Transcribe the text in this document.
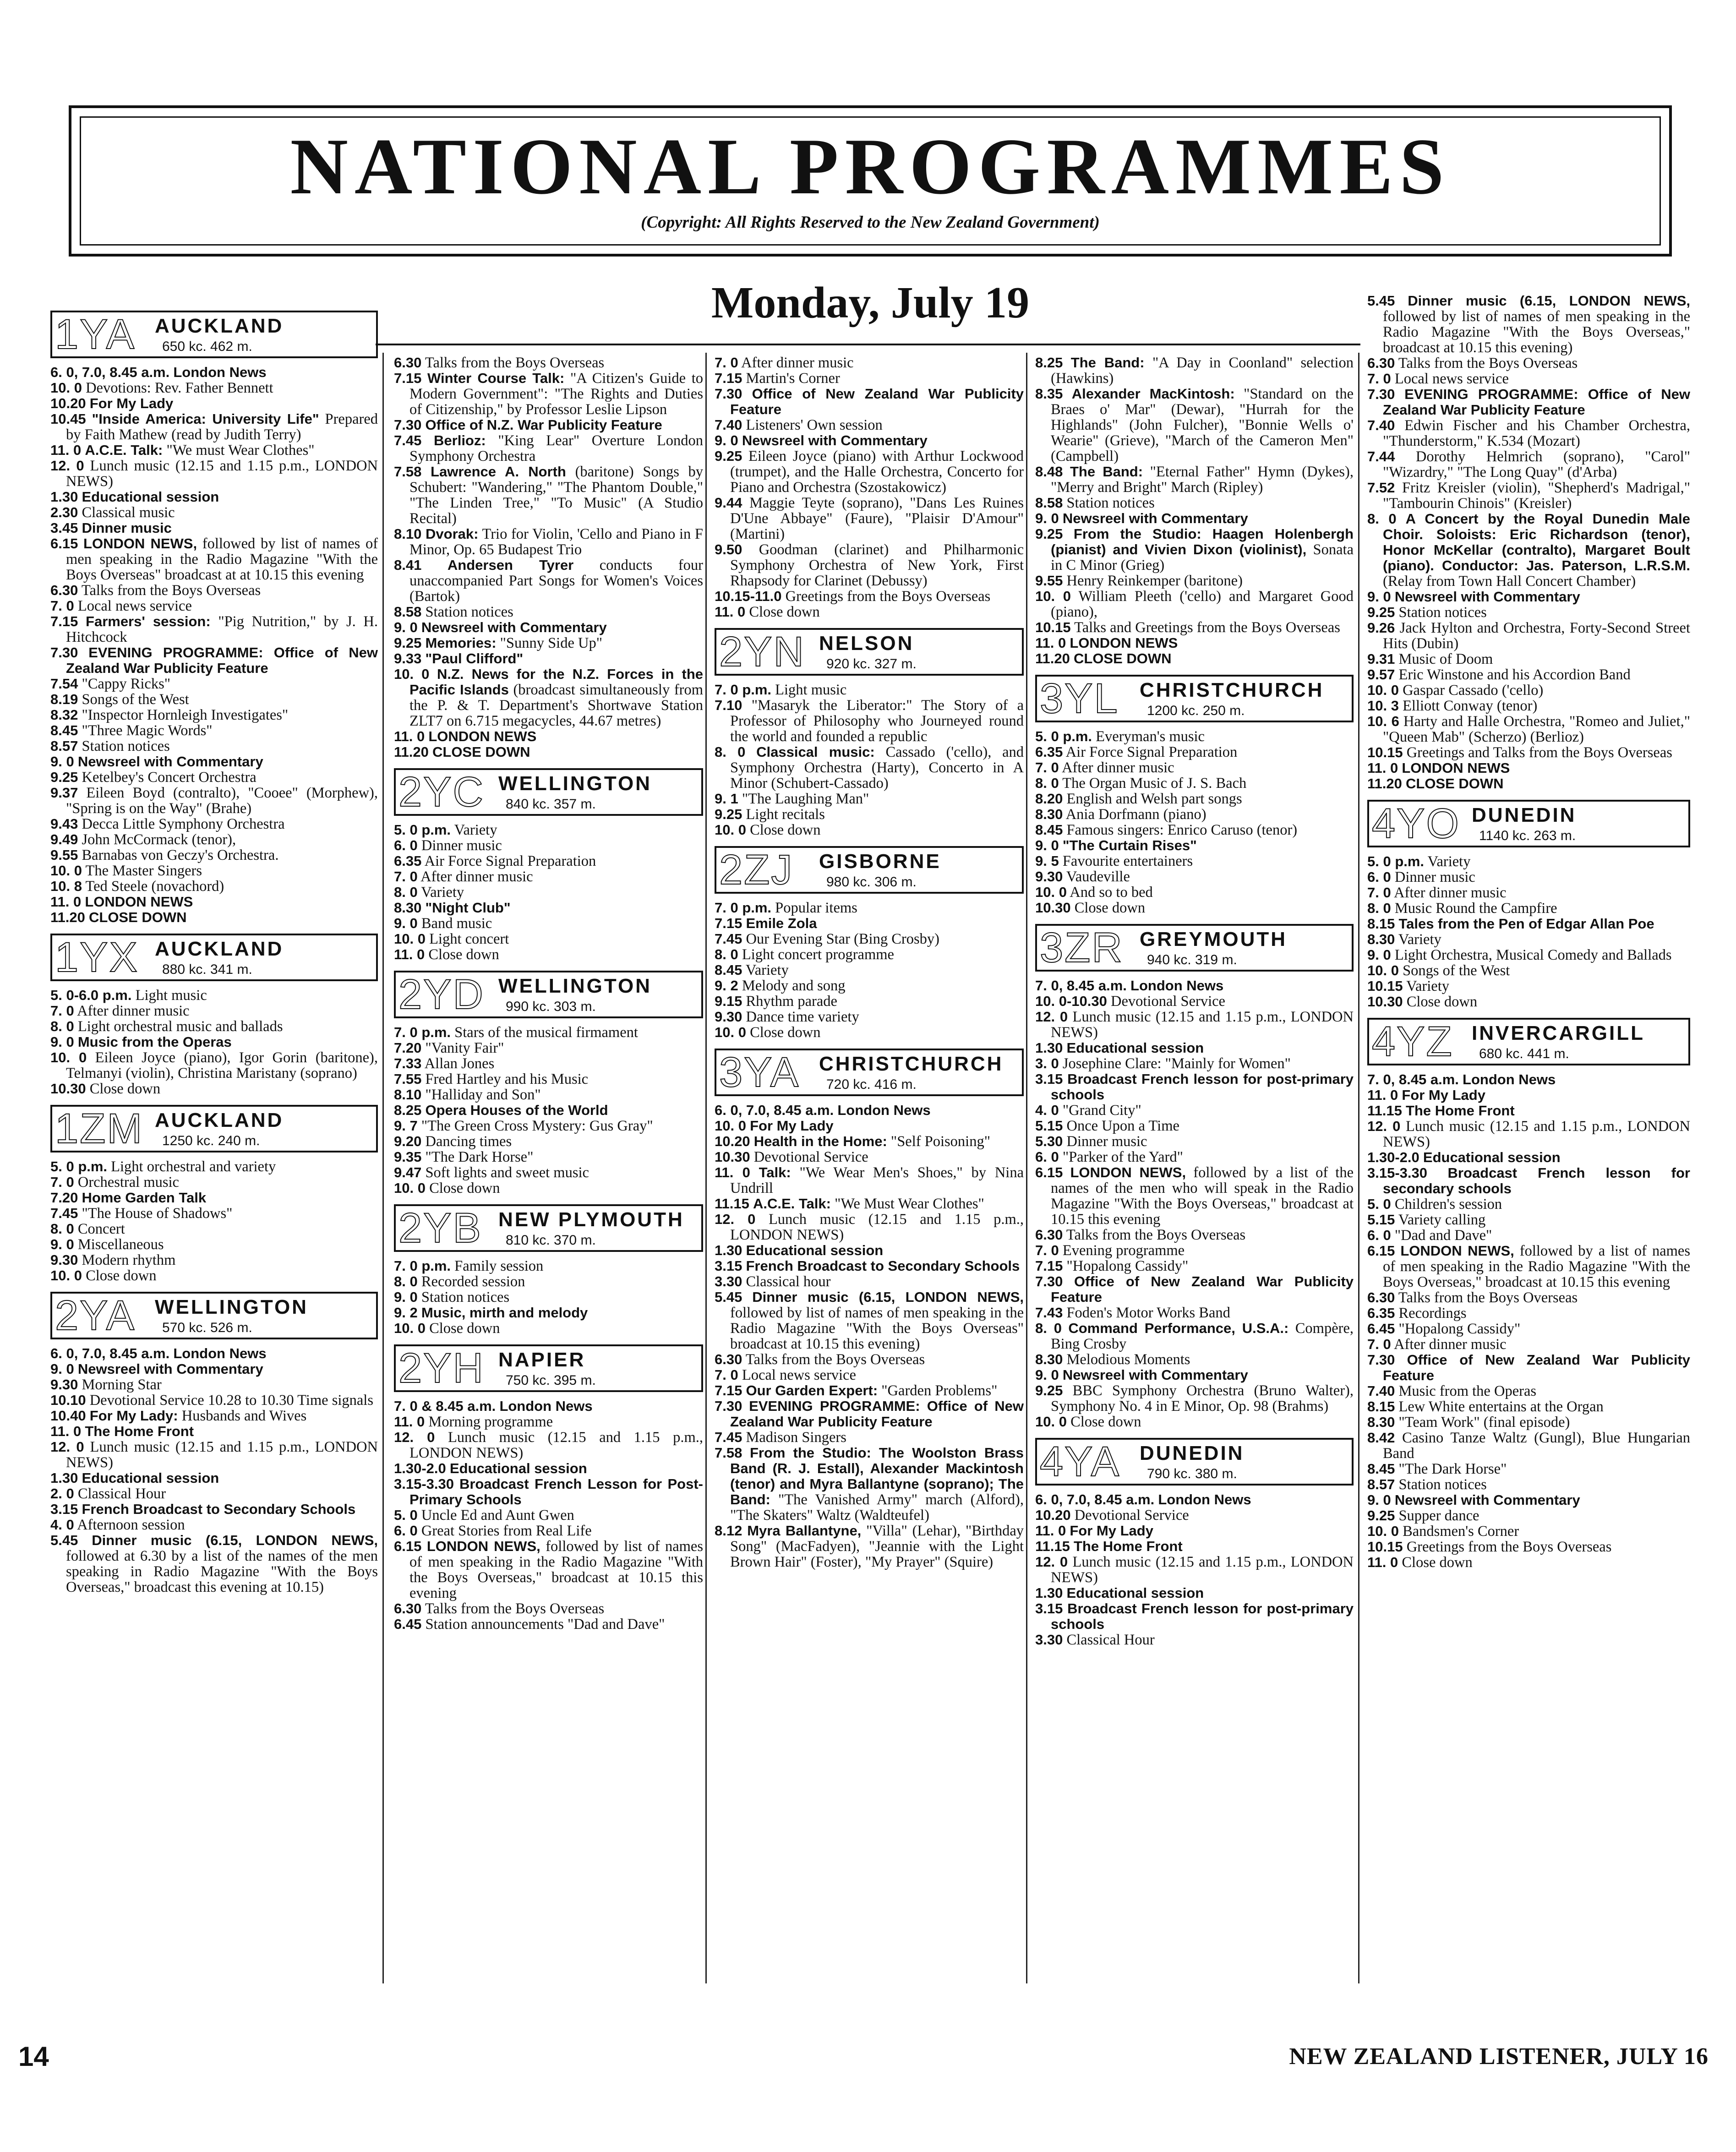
NATIONAL PROGRAMMES
(Copyright: All Rights Reserved to the New Zealand Government)
Monday, July 19
1YA AUCKLAND
650 kc. 462 m.

6. 0, 7.0, 8.45 a.m. London News

10. 0 Devotions: Rev. Father Bennett

10.20 For My Lady

10.45 "Inside America: University Life" Prepared by Faith Mathew (read by Judith Terry)

11. 0 A.C.E. Talk: "We must Wear Clothes"

12. 0 Lunch music (12.15 and 1.15 p.m., LONDON NEWS)

1.30 Educational session

2.30 Classical music

3.45 Dinner music

6.15 LONDON NEWS, followed by list of names of men speaking in the Radio Magazine "With the Boys Overseas" broadcast at at 10.15 this evening

6.30 Talks from the Boys Overseas

7. 0 Local news service

7.15 Farmers' session: "Pig Nutrition," by J. H. Hitchcock

7.30 EVENING PROGRAMME: Office of New Zealand War Publicity Feature

7.54 "Cappy Ricks"

8.19 Songs of the West

8.32 "Inspector Hornleigh Investigates"

8.45 "Three Magic Words"

8.57 Station notices

9. 0 Newsreel with Commentary

9.25 Ketelbey's Concert Orchestra

9.37 Eileen Boyd (contralto), "Cooee" (Morphew), "Spring is on the Way" (Brahe)

9.43 Decca Little Symphony Orchestra

9.49 John McCormack (tenor),

9.55 Barnabas von Geczy's Orchestra.

10. 0 The Master Singers

10. 8 Ted Steele (novachord)

11. 0 LONDON NEWS

11.20 CLOSE DOWN

1YX AUCKLAND
880 kc. 341 m.

5. 0-6.0 p.m. Light music

7. 0 After dinner music

8. 0 Light orchestral music and ballads

9. 0 Music from the Operas

10. 0 Eileen Joyce (piano), Igor Gorin (baritone), Telmanyi (violin), Christina Maristany (soprano)

10.30 Close down

1ZM AUCKLAND
1250 kc. 240 m.

5. 0 p.m. Light orchestral and variety

7. 0 Orchestral music

7.20 Home Garden Talk

7.45 "The House of Shadows"

8. 0 Concert

9. 0 Miscellaneous

9.30 Modern rhythm

10. 0 Close down

2YA WELLINGTON
570 kc. 526 m.

6. 0, 7.0, 8.45 a.m. London News

9. 0 Newsreel with Commentary

9.30 Morning Star

10.10 Devotional Service 10.28 to 10.30 Time signals

10.40 For My Lady: Husbands and Wives

11. 0 The Home Front

12. 0 Lunch music (12.15 and 1.15 p.m., LONDON NEWS)

1.30 Educational session

2. 0 Classical Hour

3.15 French Broadcast to Secondary Schools

4. 0 Afternoon session

5.45 Dinner music (6.15, LONDON NEWS, followed at 6.30 by a list of the names of the men speaking in Radio Magazine "With the Boys Overseas," broadcast this evening at 10.15)

6.30 Talks from the Boys Overseas

7.15 Winter Course Talk: "A Citizen's Guide to Modern Government": "The Rights and Duties of Citizenship," by Professor Leslie Lipson

7.30 Office of N.Z. War Publicity Feature

7.45 Berlioz: "King Lear" Overture London Symphony Orchestra

7.58 Lawrence A. North (baritone) Songs by Schubert: "Wandering," "The Phantom Double," "The Linden Tree," "To Music" (A Studio Recital)

8.10 Dvorak: Trio for Violin, 'Cello and Piano in F Minor, Op. 65 Budapest Trio

8.41 Andersen Tyrer conducts four unaccompanied Part Songs for Women's Voices (Bartok)

8.58 Station notices

9. 0 Newsreel with Commentary

9.25 Memories: "Sunny Side Up"

9.33 "Paul Clifford"

10. 0 N.Z. News for the N.Z. Forces in the Pacific Islands (broadcast simultaneously from the P. & T. Department's Shortwave Station ZLT7 on 6.715 megacycles, 44.67 metres)

11. 0 LONDON NEWS

11.20 CLOSE DOWN

2YC WELLINGTON
840 kc. 357 m.

5. 0 p.m. Variety

6. 0 Dinner music

6.35 Air Force Signal Preparation

7. 0 After dinner music

8. 0 Variety

8.30 "Night Club"

9. 0 Band music

10. 0 Light concert

11. 0 Close down

2YD WELLINGTON
990 kc. 303 m.

7. 0 p.m. Stars of the musical firmament

7.20 "Vanity Fair"

7.33 Allan Jones

7.55 Fred Hartley and his Music

8.10 "Halliday and Son"

8.25 Opera Houses of the World

9. 7 "The Green Cross Mystery: Gus Gray"

9.20 Dancing times

9.35 "The Dark Horse"

9.47 Soft lights and sweet music

10. 0 Close down

2YB NEW PLYMOUTH
810 kc. 370 m.

7. 0 p.m. Family session

8. 0 Recorded session

9. 0 Station notices

9. 2 Music, mirth and melody

10. 0 Close down

2YH NAPIER
750 kc. 395 m.

7. 0 & 8.45 a.m. London News

11. 0 Morning programme

12. 0 Lunch music (12.15 and 1.15 p.m., LONDON NEWS)

1.30-2.0 Educational session

3.15-3.30 Broadcast French Lesson for Post-Primary Schools

5. 0 Uncle Ed and Aunt Gwen

6. 0 Great Stories from Real Life

6.15 LONDON NEWS, followed by list of names of men speaking in the Radio Magazine "With the Boys Overseas," broadcast at 10.15 this evening

6.30 Talks from the Boys Overseas

6.45 Station announcements "Dad and Dave"

7. 0 After dinner music

7.15 Martin's Corner

7.30 Office of New Zealand War Publicity Feature

7.40 Listeners' Own session

9. 0 Newsreel with Commentary

9.25 Eileen Joyce (piano) with Arthur Lockwood (trumpet), and the Halle Orchestra, Concerto for Piano and Orchestra (Szostakowicz)

9.44 Maggie Teyte (soprano), "Dans Les Ruines D'Une Abbaye" (Faure), "Plaisir D'Amour" (Martini)

9.50 Goodman (clarinet) and Philharmonic Symphony Orchestra of New York, First Rhapsody for Clarinet (Debussy)

10.15-11.0 Greetings from the Boys Overseas

11. 0 Close down

2YN NELSON
920 kc. 327 m.

7. 0 p.m. Light music

7.10 "Masaryk the Liberator:" The Story of a Professor of Philosophy who Journeyed round the world and founded a republic

8. 0 Classical music: Cassado ('cello), and Symphony Orchestra (Harty), Concerto in A Minor (Schubert-Cassado)

9. 1 "The Laughing Man"

9.25 Light recitals

10. 0 Close down

2ZJ	GISBORNE
980 kc. 306 m.

7. 0 p.m. Popular items

7.15 Emile Zola

7.45 Our Evening Star (Bing Crosby)

8. 0 Light concert programme

8.45 Variety

9. 2 Melody and song

9.15 Rhythm parade

9.30 Dance time variety

10. 0 Close down

3YA CHRISTCHURCH
720 kc. 416 m.

6. 0, 7.0, 8.45 a.m. London News

10. 0 For My Lady

10.20 Health in the Home: "Self Poisoning"

10.30 Devotional Service

11. 0 Talk: "We Wear Men's Shoes," by Nina Undrill

11.15 A.C.E. Talk: "We Must Wear Clothes"

12. 0 Lunch music (12.15 and 1.15 p.m., LONDON NEWS)

1.30 Educational session

3.15 French Broadcast to Secondary Schools

3.30 Classical hour

5.45 Dinner music (6.15, LONDON NEWS, followed by list of names of men speaking in the Radio Magazine "With the Boys Overseas" broadcast at 10.15 this evening)

6.30 Talks from the Boys Overseas

7. 0 Local news service

7.15 Our Garden Expert: "Garden Problems"

7.30 EVENING PROGRAMME: Office of New Zealand War Publicity Feature

7.45 Madison Singers

7.58 From the Studio: The Woolston Brass Band (R. J. Estall), Alexander Mackintosh (tenor) and Myra Ballantyne (soprano); The Band: "The Vanished Army" march (Alford), "The Skaters" Waltz (Waldteufel)

8.12 Myra Ballantyne, "Villa" (Lehar), "Birthday Song" (MacFadyen), "Jeannie with the Light Brown Hair" (Foster), "My Prayer" (Squire)

8.25 The Band: "A Day in Coonland" selection (Hawkins)

8.35 Alexander MacKintosh: "Standard on the Braes o' Mar" (Dewar), "Hurrah for the Highlands" (John Fulcher), "Bonnie Wells o' Wearie" (Grieve), "March of the Cameron Men" (Campbell)

8.48 The Band: "Eternal Father" Hymn (Dykes), "Merry and Bright" March (Ripley)

8.58 Station notices

9. 0 Newsreel with Commentary

9.25 From the Studio: Haagen Holenbergh (pianist) and Vivien Dixon (violinist), Sonata in C Minor (Grieg)

9.55 Henry Reinkemper (baritone)

10. 0 William Pleeth ('cello) and Margaret Good (piano),

10.15 Talks and Greetings from the Boys Overseas

11. 0 LONDON NEWS

11.20 CLOSE DOWN

3YL	CHRISTCHURCH
1200 kc. 250 m.

5. 0 p.m. Everyman's music

6.35 Air Force Signal Preparation

7. 0 After dinner music

8. 0 The Organ Music of J. S. Bach

8.20 English and Welsh part songs

8.30 Ania Dorfmann (piano)

8.45 Famous singers: Enrico Caruso (tenor)

9. 0 "The Curtain Rises"

9. 5 Favourite entertainers

9.30 Vaudeville

10. 0 And so to bed

10.30 Close down

3ZR GREYMOUTH
940 kc. 319 m.

7. 0, 8.45 a.m. London News

10. 0-10.30 Devotional Service

12. 0 Lunch music (12.15 and 1.15 p.m., LONDON NEWS)

1.30 Educational session

3. 0 Josephine Clare: "Mainly for Women"

3.15 Broadcast French lesson for post-primary schools

4. 0 "Grand City"

5.15 Once Upon a Time

5.30 Dinner music

6. 0 "Parker of the Yard"

6.15 LONDON NEWS, followed by a list of the names of the men who will speak in the Radio Magazine "With the Boys Overseas," broadcast at 10.15 this evening

6.30 Talks from the Boys Overseas

7. 0 Evening programme

7.15 "Hopalong Cassidy"

7.30 Office of New Zealand War Publicity Feature

7.43 Foden's Motor Works Band

8. 0 Command Performance, U.S.A.: Compère, Bing Crosby

8.30 Melodious Moments

9. 0 Newsreel with Commentary

9.25 BBC Symphony Orchestra (Bruno Walter), Symphony No. 4 in E Minor, Op. 98 (Brahms)

10. 0 Close down

4YA DUNEDIN
790 kc. 380 m.

6. 0, 7.0, 8.45 a.m. London News

10.20 Devotional Service

11. 0 For My Lady

11.15 The Home Front

12. 0 Lunch music (12.15 and 1.15 p.m., LONDON NEWS)

1.30 Educational session

3.15 Broadcast French lesson for post-primary schools

3.30 Classical Hour

5.45 Dinner music (6.15, LONDON NEWS, followed by list of names of men speaking in the Radio Magazine "With the Boys Overseas," broadcast at 10.15 this evening)

6.30 Talks from the Boys Overseas

7. 0 Local news service

7.30 EVENING PROGRAMME: Office of New Zealand War Publicity Feature

7.40 Edwin Fischer and his Chamber Orchestra, "Thunderstorm," K.534 (Mozart)

7.44 Dorothy Helmrich (soprano), "Carol" "Wizardry," "The Long Quay" (d'Arba)

7.52 Fritz Kreisler (violin), "Shepherd's Madrigal," "Tambourin Chinois" (Kreisler)

8. 0 A Concert by the Royal Dunedin Male Choir. Soloists: Eric Richardson (tenor), Honor McKellar (contralto), Margaret Boult (piano). Conductor: Jas. Paterson, L.R.S.M. (Relay from Town Hall Concert Chamber)

9. 0 Newsreel with Commentary

9.25 Station notices

9.26 Jack Hylton and Orchestra, Forty-Second Street Hits (Dubin)

9.31 Music of Doom

9.57 Eric Winstone and his Accordion Band

10. 0 Gaspar Cassado ('cello)

10. 3 Elliott Conway (tenor)

10. 6 Harty and Halle Orchestra, "Romeo and Juliet," "Queen Mab" (Scherzo) (Berlioz)

10.15 Greetings and Talks from the Boys Overseas

11. 0 LONDON NEWS

11.20 CLOSE DOWN

4YO DUNEDIN
1140 kc. 263 m.

5. 0 p.m. Variety

6. 0 Dinner music

7. 0 After dinner music

8. 0 Music Round the Campfire

8.15 Tales from the Pen of Edgar Allan Poe

8.30 Variety

9. 0 Light Orchestra, Musical Comedy and Ballads

10. 0 Songs of the West

10.15 Variety

10.30 Close down

4YZ INVERCARGILL
680 kc. 441 m.

7. 0, 8.45 a.m. London News

11. 0 For My Lady

11.15 The Home Front

12. 0 Lunch music (12.15 and 1.15 p.m., LONDON NEWS)

1.30-2.0 Educational session

3.15-3.30 Broadcast French lesson for secondary schools

5. 0 Children's session

5.15 Variety calling

6. 0 "Dad and Dave"

6.15 LONDON NEWS, followed by a list of names of men speaking in the Radio Magazine "With the Boys Overseas," broadcast at 10.15 this evening

6.30 Talks from the Boys Overseas

6.35 Recordings

6.45 "Hopalong Cassidy"

7. 0 After dinner music

7.30 Office of New Zealand War Publicity Feature

7.40 Music from the Operas

8.15 Lew White entertains at the Organ

8.30 "Team Work" (final episode)

8.42 Casino Tanze Waltz (Gungl), Blue Hungarian Band

8.45 "The Dark Horse"

8.57 Station notices

9. 0 Newsreel with Commentary

9.25 Supper dance

10. 0 Bandsmen's Corner

10.15 Greetings from the Boys Overseas

11. 0 Close down

14	NEW ZEALAND LISTENER, JULY 16
